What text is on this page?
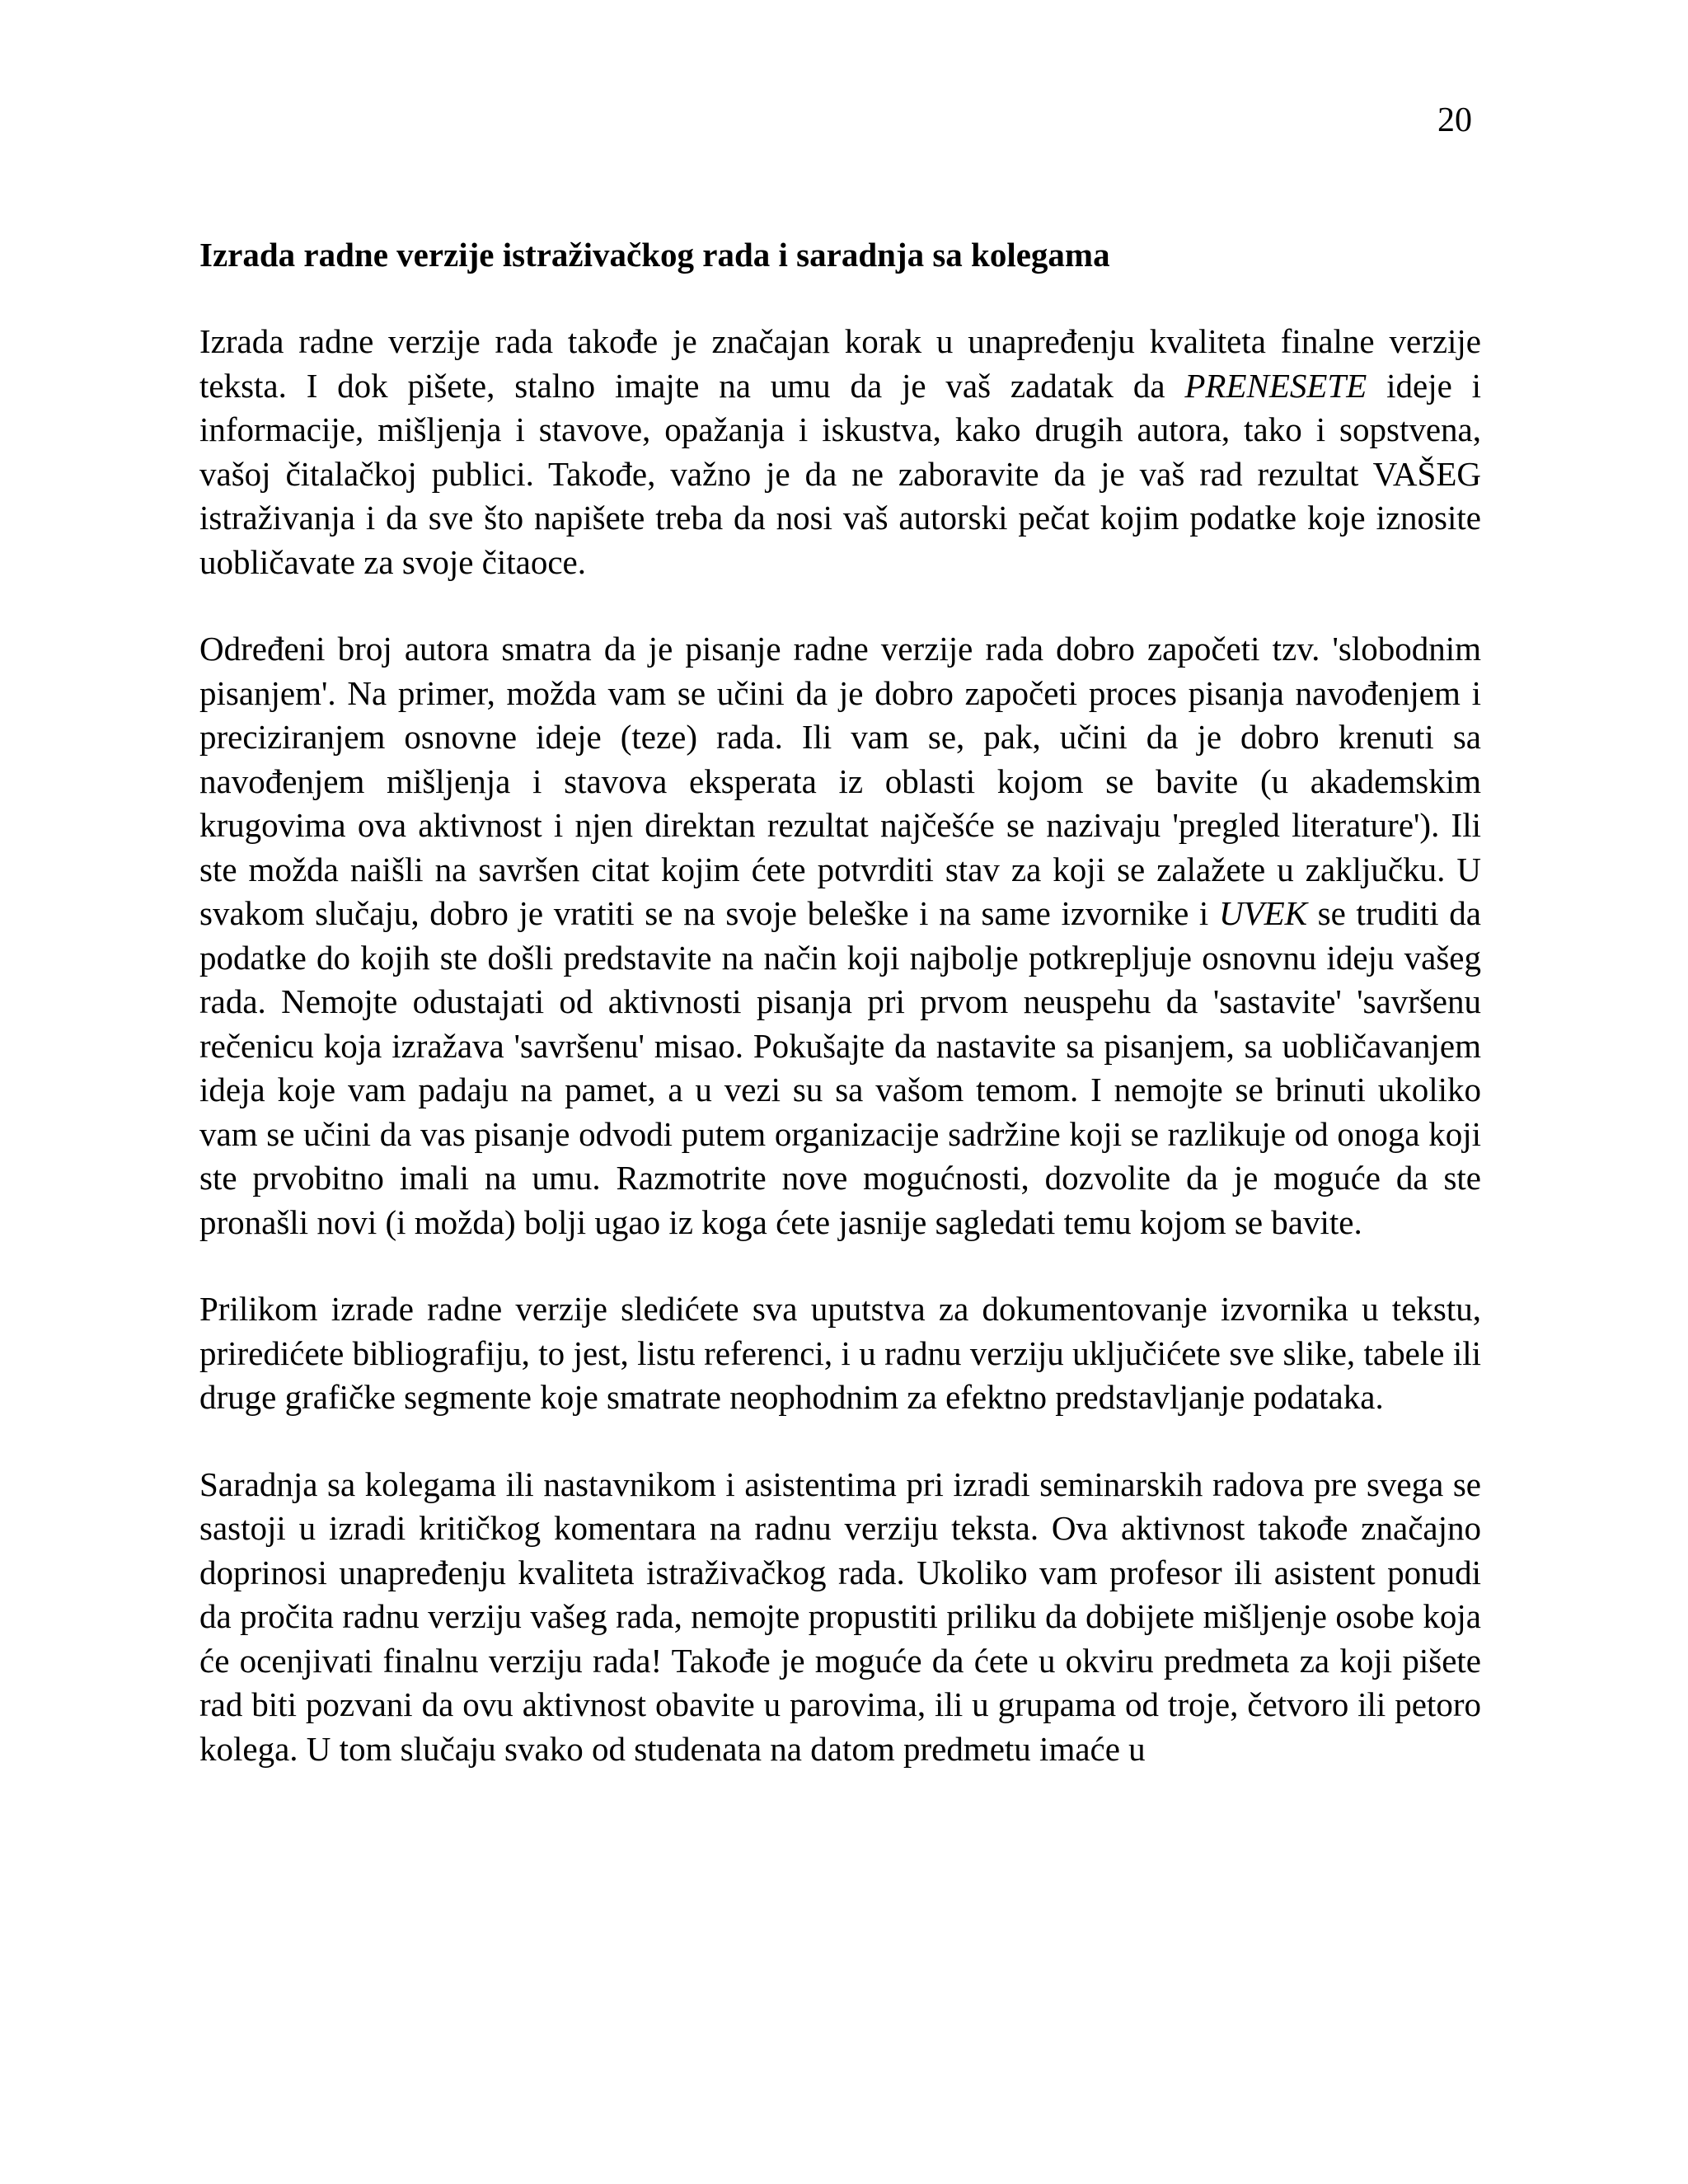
20
Izrada radne verzije istraživačkog rada i saradnja sa kolegama

Izrada radne verzije rada takođe je značajan korak u unapređenju kvaliteta finalne verzije teksta. I dok pišete, stalno imajte na umu da je vaš zadatak da PRENESETE ideje i informacije, mišljenja i stavove, opažanja i iskustva, kako drugih autora, tako i sopstvena, vašoj čitalačkoj publici. Takođe, važno je da ne zaboravite da je vaš rad rezultat VAŠEG istraživanja i da sve što napišete treba da nosi vaš autorski pečat kojim podatke koje iznosite uobličavate za svoje čitaoce.

Određeni broj autora smatra da je pisanje radne verzije rada dobro započeti tzv. 'slobodnim pisanjem'. Na primer, možda vam se učini da je dobro započeti proces pisanja navođenjem i preciziranjem osnovne ideje (teze) rada. Ili vam se, pak, učini da je dobro krenuti sa navođenjem mišljenja i stavova eksperata iz oblasti kojom se bavite (u akademskim krugovima ova aktivnost i njen direktan rezultat najčešće se nazivaju 'pregled literature'). Ili ste možda naišli na savršen citat kojim ćete potvrditi stav za koji se zalažete u zaključku. U svakom slučaju, dobro je vratiti se na svoje beleške i na same izvornike i UVEK se truditi da podatke do kojih ste došli predstavite na način koji najbolje potkrepljuje osnovnu ideju vašeg rada. Nemojte odustajati od aktivnosti pisanja pri prvom neuspehu da 'sastavite' 'savršenu rečenicu koja izražava 'savršenu' misao. Pokušajte da nastavite sa pisanjem, sa uobličavanjem ideja koje vam padaju na pamet, a u vezi su sa vašom temom. I nemojte se brinuti ukoliko vam se učini da vas pisanje odvodi putem organizacije sadržine koji se razlikuje od onoga koji ste prvobitno imali na umu. Razmotrite nove mogućnosti, dozvolite da je moguće da ste pronašli novi (i možda) bolji ugao iz koga ćete jasnije sagledati temu kojom se bavite.

Prilikom izrade radne verzije sledićete sva uputstva za dokumentovanje izvornika u tekstu, priredićete bibliografiju, to jest, listu referenci, i u radnu verziju uključićete sve slike, tabele ili druge grafičke segmente koje smatrate neophodnim za efektno predstavljanje podataka.

Saradnja sa kolegama ili nastavnikom i asistentima pri izradi seminarskih radova pre svega se sastoji u izradi kritičkog komentara na radnu verziju teksta. Ova aktivnost takođe značajno doprinosi unapređenju kvaliteta istraživačkog rada. Ukoliko vam profesor ili asistent ponudi da pročita radnu verziju vašeg rada, nemojte propustiti priliku da dobijete mišljenje osobe koja će ocenjivati finalnu verziju rada! Takođe je moguće da ćete u okviru predmeta za koji pišete rad biti pozvani da ovu aktivnost obavite u parovima, ili u grupama od troje, četvoro ili petoro kolega. U tom slučaju svako od studenata na datom predmetu imaće u
